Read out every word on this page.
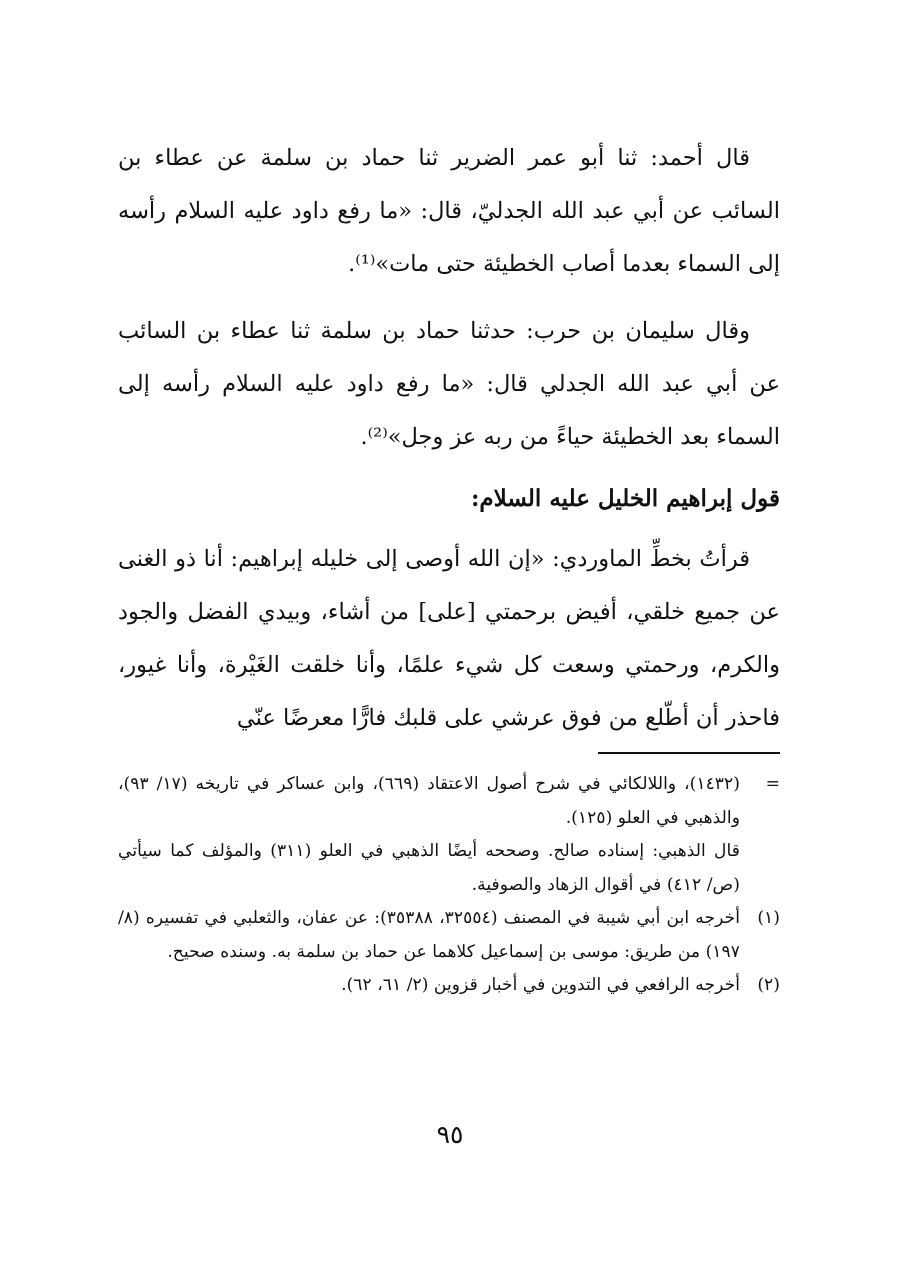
قال أحمد: ثنا أبو عمر الضرير ثنا حماد بن سلمة عن عطاء بن السائب عن أبي عبد الله الجدليّ، قال: «ما رفع داود عليه السلام رأسه إلى السماء بعدما أصاب الخطيئة حتى مات»⁽¹⁾.

وقال سليمان بن حرب: حدثنا حماد بن سلمة ثنا عطاء بن السائب عن أبي عبد الله الجدلي قال: «ما رفع داود عليه السلام رأسه إلى السماء بعد الخطيئة حياءً من ربه عز وجل»⁽²⁾.

قول إبراهيم الخليل عليه السلام:

قرأتُ بخطِّ الماوردي: «إن الله أوصى إلى خليله إبراهيم: أنا ذو الغنى عن جميع خلقي، أفيض برحمتي [على] من أشاء، وبيدي الفضل والجود والكرم، ورحمتي وسعت كل شيء علمًا، وأنا خلقت الغَيْرة، وأنا غيور، فاحذر أن أطّلع من فوق عرشي على قلبك فارًّا معرضًا عنّي

=
(١٤٣٢)، واللالكائي في شرح أصول الاعتقاد (٦٦٩)، وابن عساكر في تاريخه (١٧/ ٩٣)، والذهبي في العلو (١٢٥).
قال الذهبي: إسناده صالح. وصححه أيضًا الذهبي في العلو (٣١١) والمؤلف كما سيأتي (ص/ ٤١٢) في أقوال الزهاد والصوفية.
(١)
أخرجه ابن أبي شيبة في المصنف (٣٢٥٥٤، ٣٥٣٨٨): عن عفان، والثعلبي في تفسيره (٨/ ١٩٧) من طريق: موسى بن إسماعيل كلاهما عن حماد بن سلمة به. وسنده صحيح.
(٢)
أخرجه الرافعي في التدوين في أخبار قزوين (٢/ ٦١، ٦٢).
٩٥
